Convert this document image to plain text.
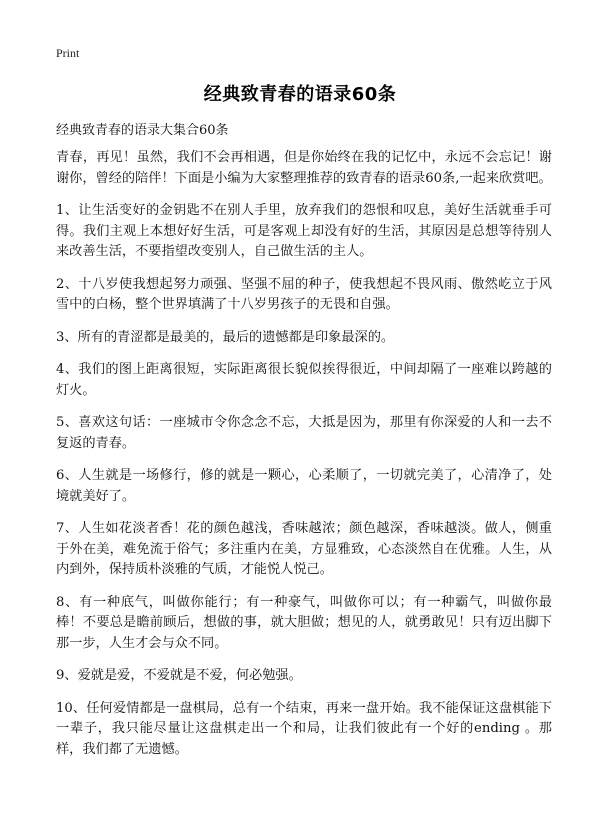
Print
经典致青春的语录60条
经典致青春的语录大集合60条

青春，再见！虽然，我们不会再相遇，但是你始终在我的记忆中，永远不会忘记！谢谢你，曾经的陪伴！下面是小编为大家整理推荐的致青春的语录60条,一起来欣赏吧。

1、让生活变好的金钥匙不在别人手里，放弃我们的怨恨和叹息，美好生活就垂手可得。我们主观上本想好好生活，可是客观上却没有好的生活，其原因是总想等待别人来改善生活，不要指望改变别人，自己做生活的主人。

2、十八岁使我想起努力顽强、坚强不屈的种子，使我想起不畏风雨、傲然屹立于风雪中的白杨，整个世界填满了十八岁男孩子的无畏和自强。

3、所有的青涩都是最美的，最后的遗憾都是印象最深的。

4、我们的图上距离很短，实际距离很长貌似挨得很近，中间却隔了一座难以跨越的灯火。

5、喜欢这句话：一座城市令你念念不忘，大抵是因为，那里有你深爱的人和一去不复返的青春。

6、人生就是一场修行，修的就是一颗心，心柔顺了，一切就完美了，心清净了，处境就美好了。

7、人生如花淡者香！花的颜色越浅，香味越浓；颜色越深，香味越淡。做人，侧重于外在美，难免流于俗气；多注重内在美，方显雅致，心态淡然自在优雅。人生，从内到外，保持质朴淡雅的气质，才能悦人悦己。

8、有一种底气，叫做你能行；有一种豪气，叫做你可以；有一种霸气，叫做你最棒！不要总是瞻前顾后，想做的事，就大胆做；想见的人，就勇敢见！只有迈出脚下那一步，人生才会与众不同。

9、爱就是爱，不爱就是不爱，何必勉强。

10、任何爱情都是一盘棋局，总有一个结束，再来一盘开始。我不能保证这盘棋能下一辈子，我只能尽量让这盘棋走出一个和局，让我们彼此有一个好的ending 。那样，我们都了无遗憾。
